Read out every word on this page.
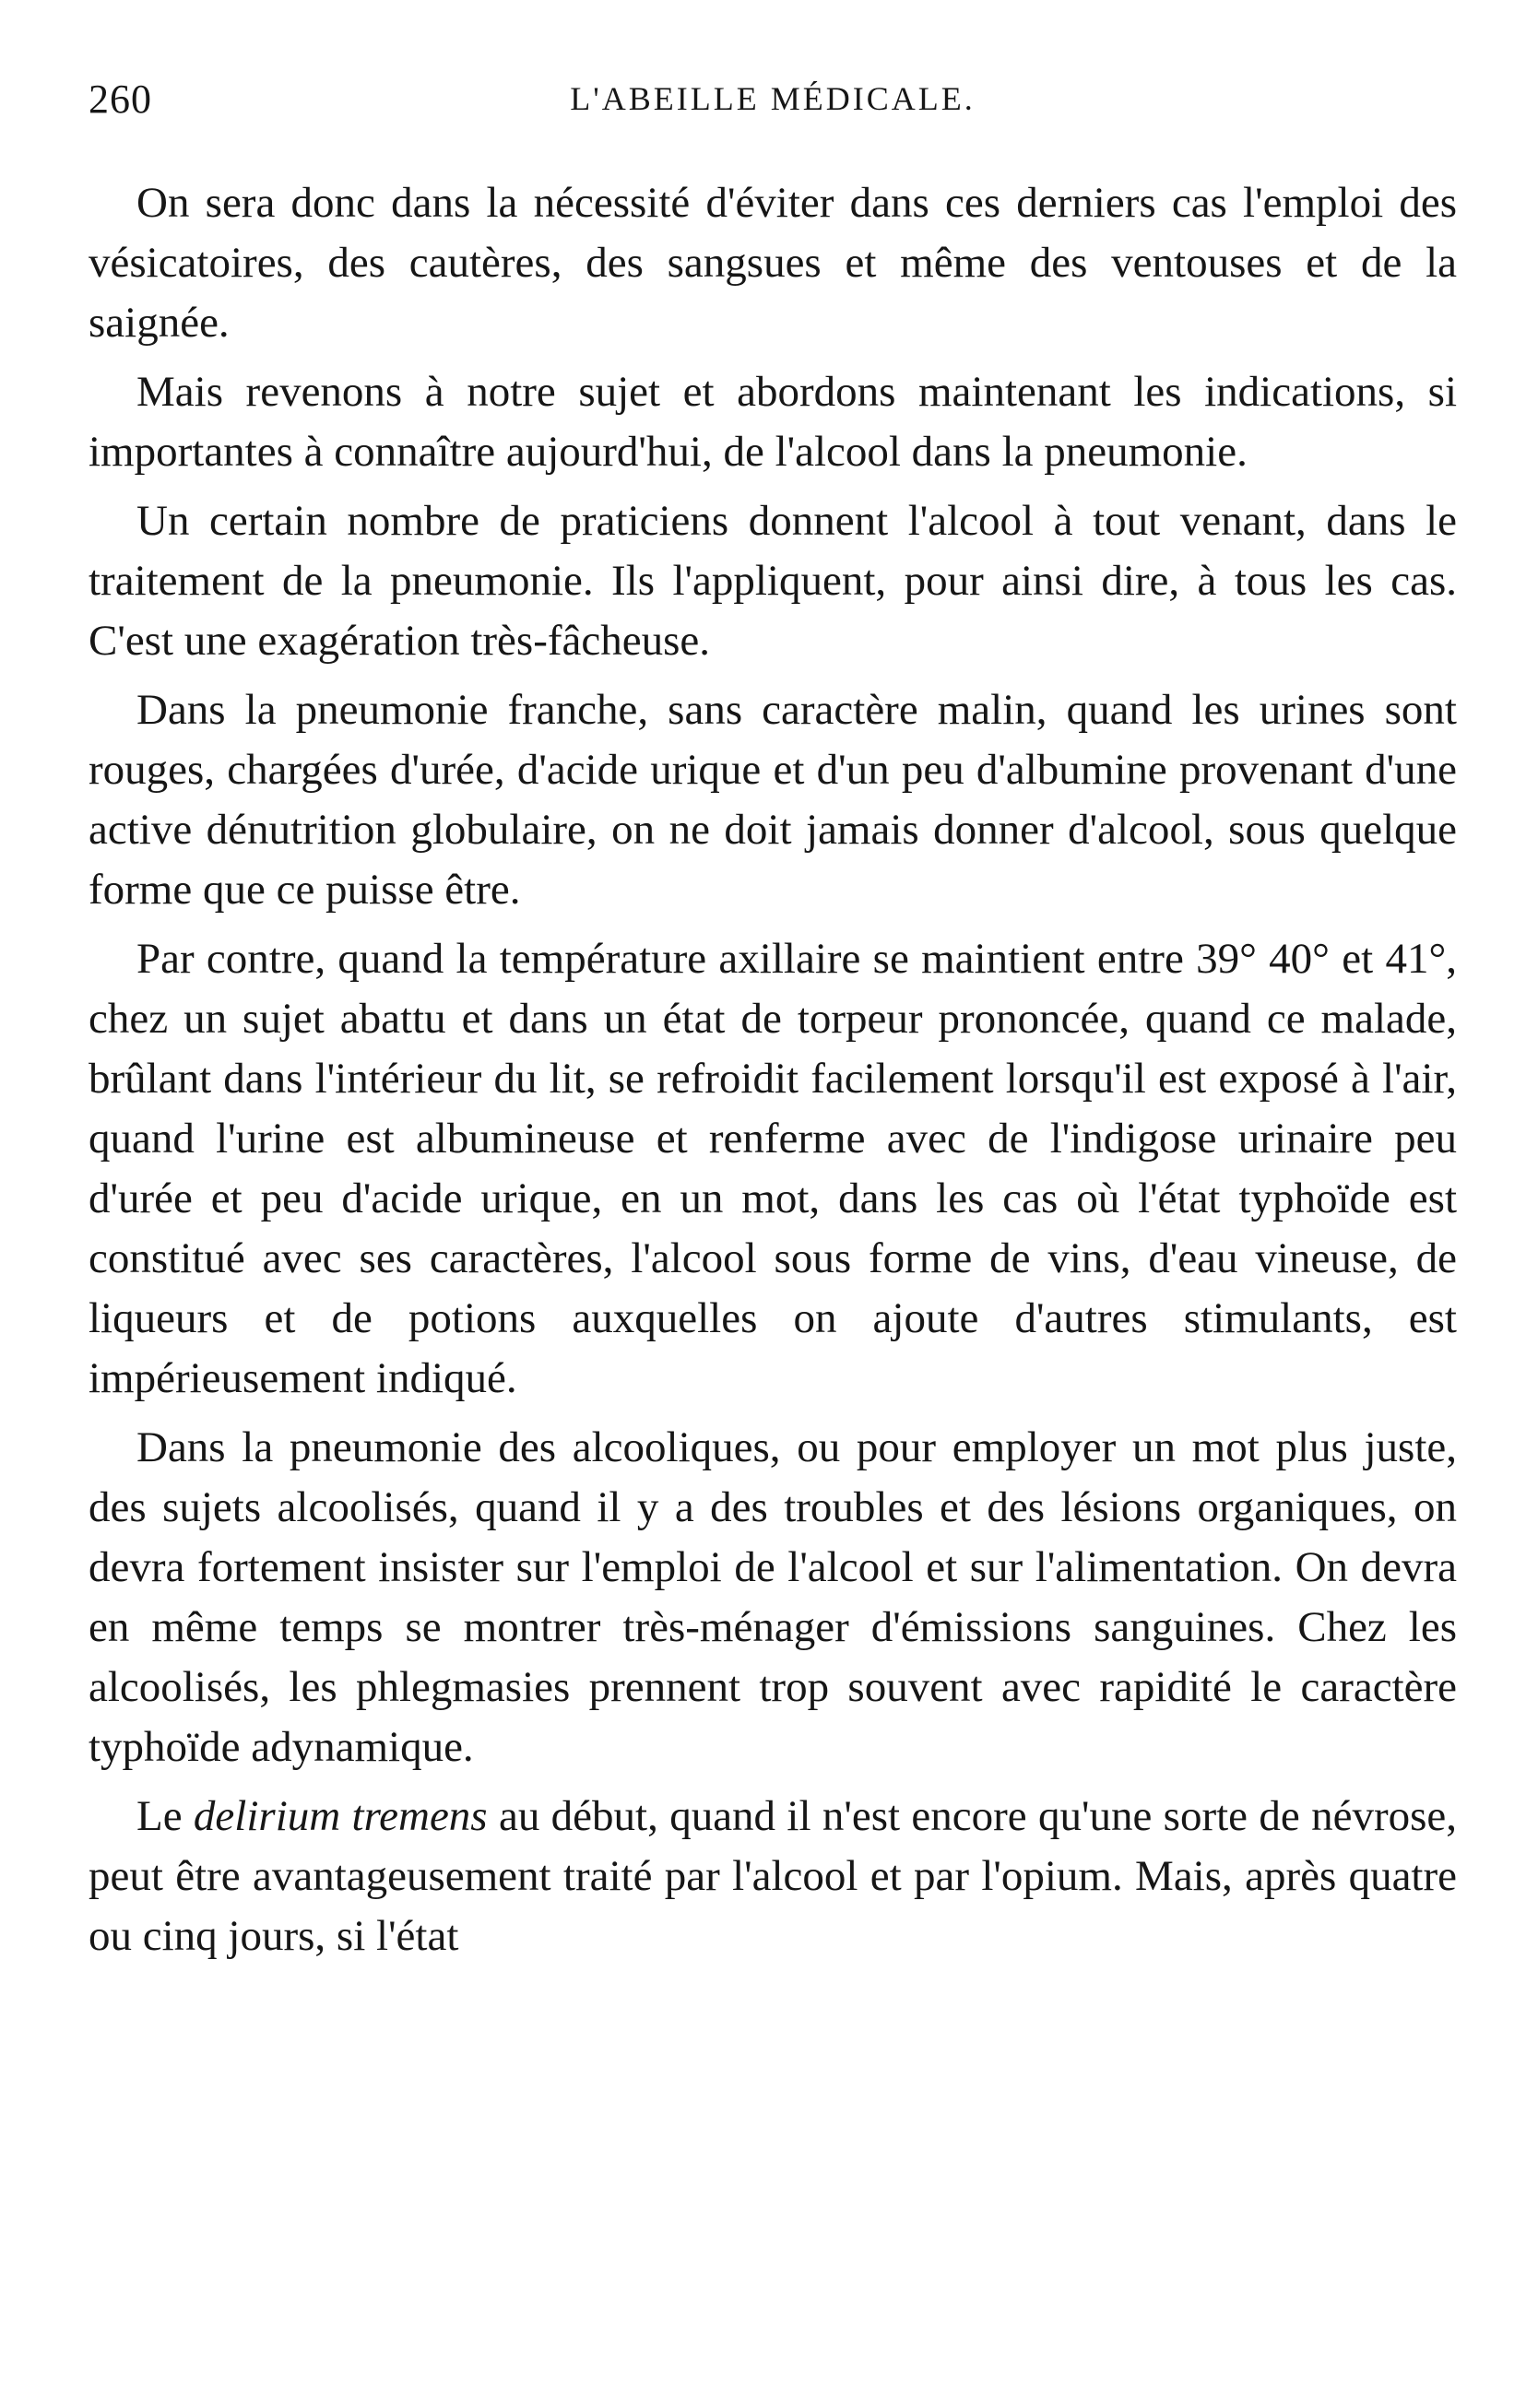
260	L'ABEILLE MÉDICALE.

On sera donc dans la nécessité d'éviter dans ces derniers cas l'emploi des vésicatoires, des cautères, des sangsues et même des ventouses et de la saignée.

Mais revenons à notre sujet et abordons maintenant les indications, si importantes à connaître aujourd'hui, de l'alcool dans la pneumonie.

Un certain nombre de praticiens donnent l'alcool à tout venant, dans le traitement de la pneumonie. Ils l'appliquent, pour ainsi dire, à tous les cas. C'est une exagération très-fâcheuse.

Dans la pneumonie franche, sans caractère malin, quand les urines sont rouges, chargées d'urée, d'acide urique et d'un peu d'albumine provenant d'une active dénutrition globulaire, on ne doit jamais donner d'alcool, sous quelque forme que ce puisse être.

Par contre, quand la température axillaire se maintient entre 39° 40° et 41°, chez un sujet abattu et dans un état de torpeur prononcée, quand ce malade, brûlant dans l'intérieur du lit, se refroidit facilement lorsqu'il est exposé à l'air, quand l'urine est albumineuse et renferme avec de l'indigose urinaire peu d'urée et peu d'acide urique, en un mot, dans les cas où l'état typhoïde est constitué avec ses caractères, l'alcool sous forme de vins, d'eau vineuse, de liqueurs et de potions auxquelles on ajoute d'autres stimulants, est impérieusement indiqué.

Dans la pneumonie des alcooliques, ou pour employer un mot plus juste, des sujets alcoolisés, quand il y a des troubles et des lésions organiques, on devra fortement insister sur l'emploi de l'alcool et sur l'alimentation. On devra en même temps se montrer très-ménager d'émissions sanguines. Chez les alcoolisés, les phlegmasies prennent trop souvent avec rapidité le caractère typhoïde adynamique.

Le delirium tremens au début, quand il n'est encore qu'une sorte de névrose, peut être avantageusement traité par l'alcool et par l'opium. Mais, après quatre ou cinq jours, si l'état
